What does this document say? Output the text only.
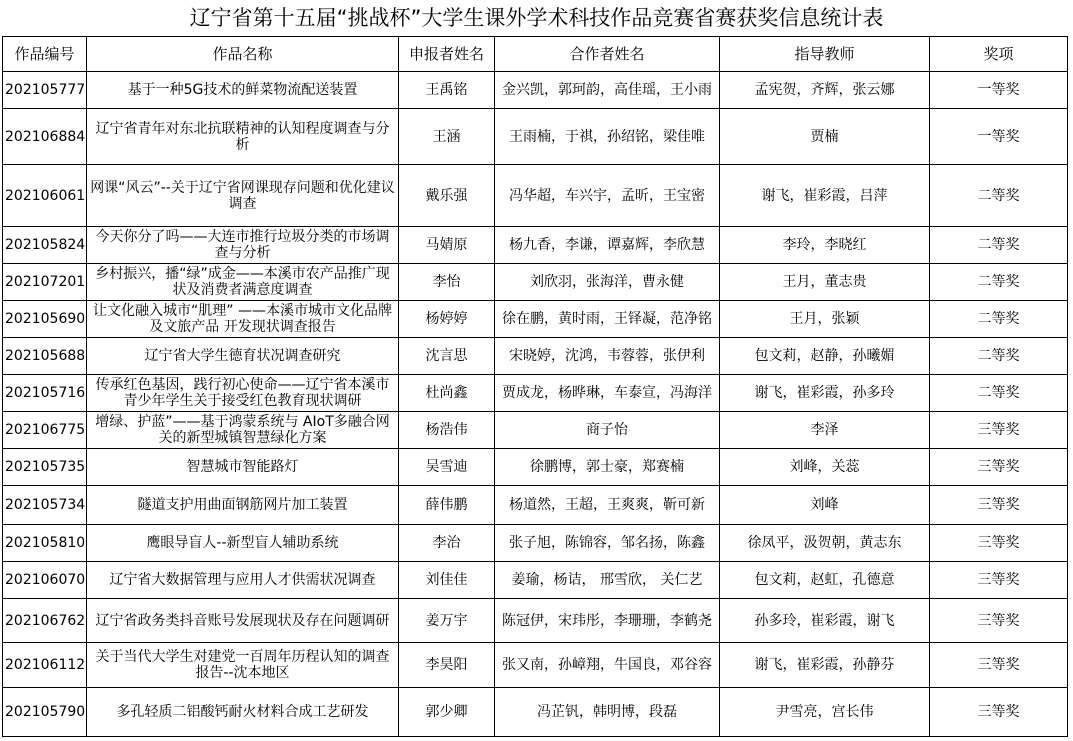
辽宁省第十五届“挑战杯”大学生课外学术科技作品竞赛省赛获奖信息统计表
作品编号	作品名称	申报者姓名	合作者姓名	指导教师	奖项
202105777	基于一种5G技术的鲜菜物流配送装置	王禹铭	金兴凯，郭珂韵，高佳瑶，王小雨	孟宪贺，齐辉，张云娜	一等奖
202106884	辽宁省青年对东北抗联精神的认知程度调查与分析	王涵	王雨楠，于祺，孙绍铭，梁佳唯	贾楠	一等奖
202106061	网课“风云”--关于辽宁省网课现存问题和优化建议调查	戴乐强	冯华超，车兴宇，孟昕，王宝密	谢飞，崔彩霞，吕萍	二等奖
202105824	今天你分了吗——大连市推行垃圾分类的市场调查与分析	马婧原	杨九香，李谦，谭嘉辉，李欣慧	李玲，李晓红	二等奖
202107201	乡村振兴，播“绿”成金——本溪市农产品推广现状及消费者满意度调查	李怡	刘欣羽，张海洋，曹永健	王月，董志贵	二等奖
202105690	让文化融入城市“肌理” ——本溪市城市文化品牌及文旅产品 开发现状调查报告	杨婷婷	徐在鹏，黄时雨，王铎凝，范净铭	王月，张颖	二等奖
202105688	辽宁省大学生德育状况调查研究	沈言思	宋晓婷，沈鸿，韦蓉蓉，张伊利	包文莉，赵静，孙曦媚	二等奖
202105716	传承红色基因，践行初心使命——辽宁省本溪市青少年学生关于接受红色教育现状调研	杜尚鑫	贾成龙，杨晔琳，车泰宣，冯海洋	谢飞，崔彩霞，孙多玲	二等奖
202106775	增绿、护蓝”——基于鸿蒙系统与 AIoT多融合网关的新型城镇智慧绿化方案	杨浩伟	商子怡	李泽	三等奖
202105735	智慧城市智能路灯	吴雪迪	徐鹏博，郭士豪，郑赛楠	刘峰，关蕊	三等奖
202105734	隧道支护用曲面钢筋网片加工装置	薛伟鹏	杨道然，王超，王爽爽，靳可新	刘峰	三等奖
202105810	鹰眼导盲人--新型盲人辅助系统	李治	张子旭，陈锦容，邹名扬，陈鑫	徐凤平，汲贺朝，黄志东	三等奖
202106070	辽宁省大数据管理与应用人才供需状况调查	刘佳佳	姜瑜，杨诘， 邢雪欣， 关仁艺	包文莉，赵虹，孔德意	三等奖
202106762	辽宁省政务类抖音账号发展现状及存在问题调研	姜万宇	陈冠伊，宋玮彤，李珊珊，李鹤尧	孙多玲，崔彩霞，谢飞	三等奖
202106112	关于当代大学生对建党一百周年历程认知的调查报告--沈本地区	李昊阳	张又南，孙嶂翔，牛国良，邓谷容	谢飞，崔彩霞，孙静芬	三等奖
202105790	多孔轻质二铝酸钙耐火材料合成工艺研发	郭少卿	冯芷钒，韩明博，段磊	尹雪亮，宫长伟	三等奖
